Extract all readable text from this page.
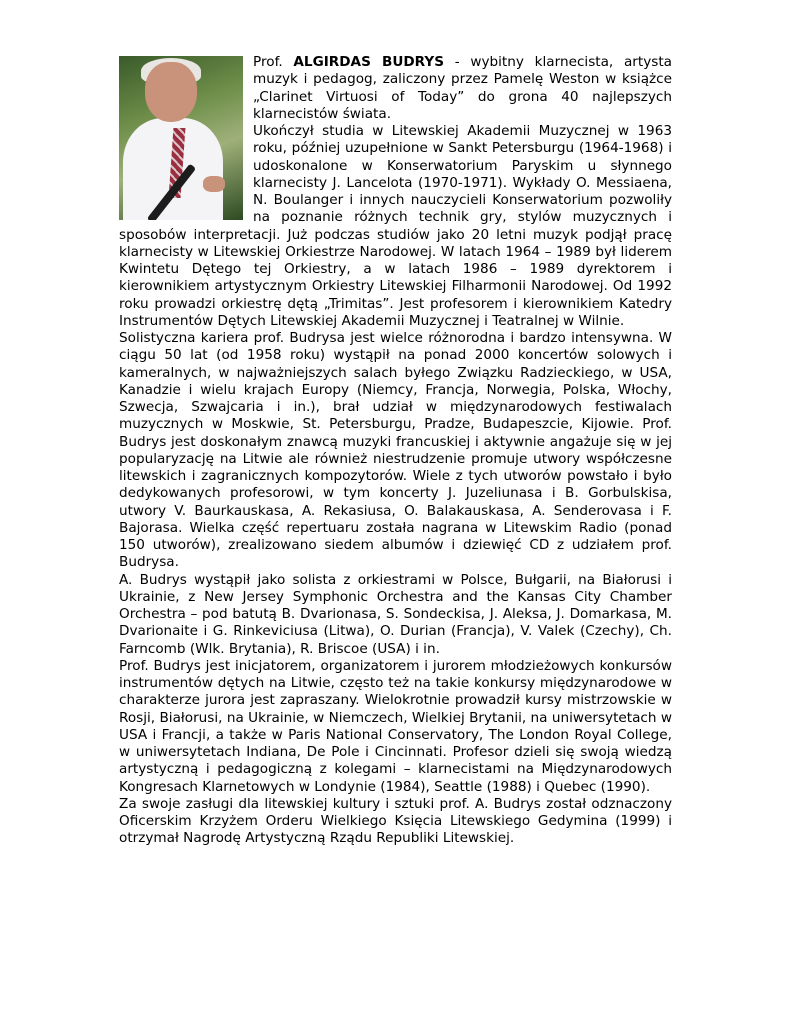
Prof. ALGIRDAS BUDRYS - wybitny klarnecista, artysta muzyk i pedagog, zaliczony przez Pamelę Weston w książce „Clarinet Virtuosi of Today” do grona 40 najlepszych klarnecistów świata.

Ukończył studia w Litewskiej Akademii Muzycznej w 1963 roku, później uzupełnione w Sankt Petersburgu (1964-1968) i udoskonalone w Konserwatorium Paryskim u słynnego klarnecisty J. Lancelota (1970-1971). Wykłady O. Messiaena, N. Boulanger i innych nauczycieli Konserwatorium pozwoliły na poznanie różnych technik gry, stylów muzycznych i sposobów interpretacji. Już podczas studiów jako 20 letni muzyk podjął pracę klarnecisty w Litewskiej Orkiestrze Narodowej. W latach 1964 – 1989 był liderem Kwintetu Dętego tej Orkiestry, a w latach 1986 – 1989 dyrektorem i kierownikiem artystycznym Orkiestry Litewskiej Filharmonii Narodowej. Od 1992 roku prowadzi orkiestrę dętą „Trimitas”. Jest profesorem i kierownikiem Katedry Instrumentów Dętych Litewskiej Akademii Muzycznej i Teatralnej w Wilnie.

Solistyczna kariera prof. Budrysa jest wielce różnorodna i bardzo intensywna. W ciągu 50 lat (od 1958 roku) wystąpił na ponad 2000 koncertów solowych i kameralnych, w najważniejszych salach byłego Związku Radzieckiego, w USA, Kanadzie i wielu krajach Europy (Niemcy, Francja, Norwegia, Polska, Włochy, Szwecja, Szwajcaria i in.), brał udział w międzynarodowych festiwalach muzycznych w Moskwie, St. Petersburgu, Pradze, Budapeszcie, Kijowie. Prof. Budrys jest doskonałym znawcą muzyki francuskiej i aktywnie angażuje się w jej popularyzację na Litwie ale również niestrudzenie promuje utwory współczesne litewskich i zagranicznych kompozytorów. Wiele z tych utworów powstało i było dedykowanych profesorowi, w tym koncerty J. Juzeliunasa i B. Gorbulskisa, utwory V. Baurkauskasa, A. Rekasiusa, O. Balakauskasa, A. Senderovasa i F. Bajorasa. Wielka część repertuaru została nagrana w Litewskim Radio (ponad 150 utworów), zrealizowano siedem albumów i dziewięć CD z udziałem prof. Budrysa.

A. Budrys wystąpił jako solista z orkiestrami w Polsce, Bułgarii, na Białorusi i Ukrainie, z New Jersey Symphonic Orchestra and the Kansas City Chamber Orchestra – pod batutą B. Dvarionasa, S. Sondeckisa, J. Aleksa, J. Domarkasa, M. Dvarionaite i G. Rinkeviciusa (Litwa), O. Durian (Francja), V. Valek (Czechy), Ch. Farncomb (Wlk. Brytania), R. Briscoe (USA) i in.

Prof. Budrys jest inicjatorem, organizatorem i jurorem młodzieżowych konkursów instrumentów dętych na Litwie, często też na takie konkursy międzynarodowe w charakterze jurora jest zapraszany. Wielokrotnie prowadził kursy mistrzowskie w Rosji, Białorusi, na Ukrainie, w Niemczech, Wielkiej Brytanii, na uniwersytetach w USA i Francji, a także w Paris National Conservatory, The London Royal College, w uniwersytetach Indiana, De Pole i Cincinnati. Profesor dzieli się swoją wiedzą artystyczną i pedagogiczną z kolegami – klarnecistami na Międzynarodowych Kongresach Klarnetowych w Londynie (1984), Seattle (1988) i Quebec (1990).

Za swoje zasługi dla litewskiej kultury i sztuki prof. A. Budrys został odznaczony Oficerskim Krzyżem Orderu Wielkiego Księcia Litewskiego Gedymina (1999) i otrzymał Nagrodę Artystyczną Rządu Republiki Litewskiej.
